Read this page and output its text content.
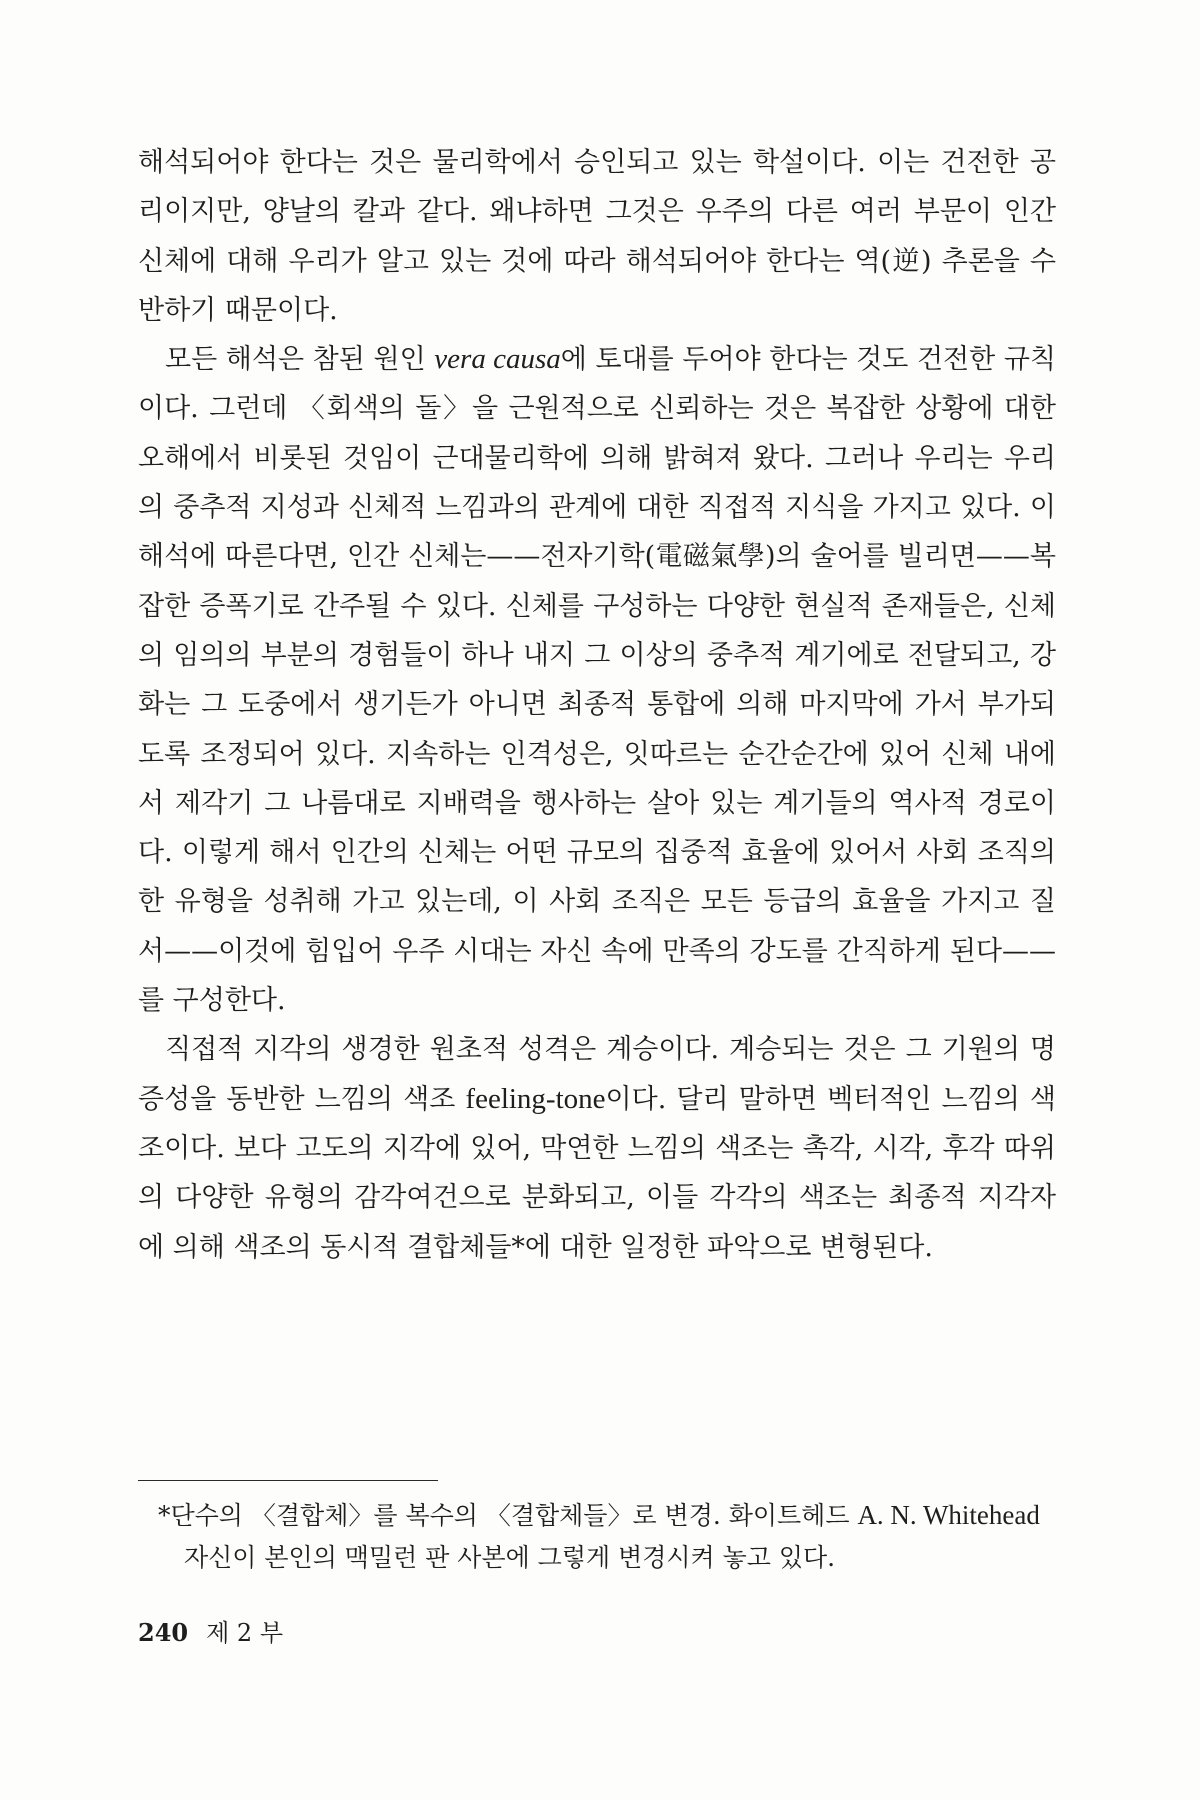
해석되어야 한다는 것은 물리학에서 승인되고 있는 학설이다. 이는 건전한 공리이지만, 양날의 칼과 같다. 왜냐하면 그것은 우주의 다른 여러 부문이 인간 신체에 대해 우리가 알고 있는 것에 따라 해석되어야 한다는 역(逆) 추론을 수반하기 때문이다.

모든 해석은 참된 원인 vera causa에 토대를 두어야 한다는 것도 건전한 규칙이다. 그런데 〈회색의 돌〉을 근원적으로 신뢰하는 것은 복잡한 상황에 대한 오해에서 비롯된 것임이 근대물리학에 의해 밝혀져 왔다. 그러나 우리는 우리의 중추적 지성과 신체적 느낌과의 관계에 대한 직접적 지식을 가지고 있다. 이 해석에 따른다면, 인간 신체는——전자기학(電磁氣學)의 술어를 빌리면——복잡한 증폭기로 간주될 수 있다. 신체를 구성하는 다양한 현실적 존재들은, 신체의 임의의 부분의 경험들이 하나 내지 그 이상의 중추적 계기에로 전달되고, 강화는 그 도중에서 생기든가 아니면 최종적 통합에 의해 마지막에 가서 부가되도록 조정되어 있다. 지속하는 인격성은, 잇따르는 순간순간에 있어 신체 내에서 제각기 그 나름대로 지배력을 행사하는 살아 있는 계기들의 역사적 경로이다. 이렇게 해서 인간의 신체는 어떤 규모의 집중적 효율에 있어서 사회 조직의 한 유형을 성취해 가고 있는데, 이 사회 조직은 모든 등급의 효율을 가지고 질서——이것에 힘입어 우주 시대는 자신 속에 만족의 강도를 간직하게 된다——를 구성한다.

직접적 지각의 생경한 원초적 성격은 계승이다. 계승되는 것은 그 기원의 명증성을 동반한 느낌의 색조 feeling-tone이다. 달리 말하면 벡터적인 느낌의 색조이다. 보다 고도의 지각에 있어, 막연한 느낌의 색조는 촉각, 시각, 후각 따위의 다양한 유형의 감각여건으로 분화되고, 이들 각각의 색조는 최종적 지각자에 의해 색조의 동시적 결합체들*에 대한 일정한 파악으로 변형된다.

*단수의 〈결합체〉를 복수의 〈결합체들〉로 변경. 화이트헤드 A. N. Whitehead
자신이 본인의 맥밀런 판 사본에 그렇게 변경시켜 놓고 있다.
240 제 2 부
